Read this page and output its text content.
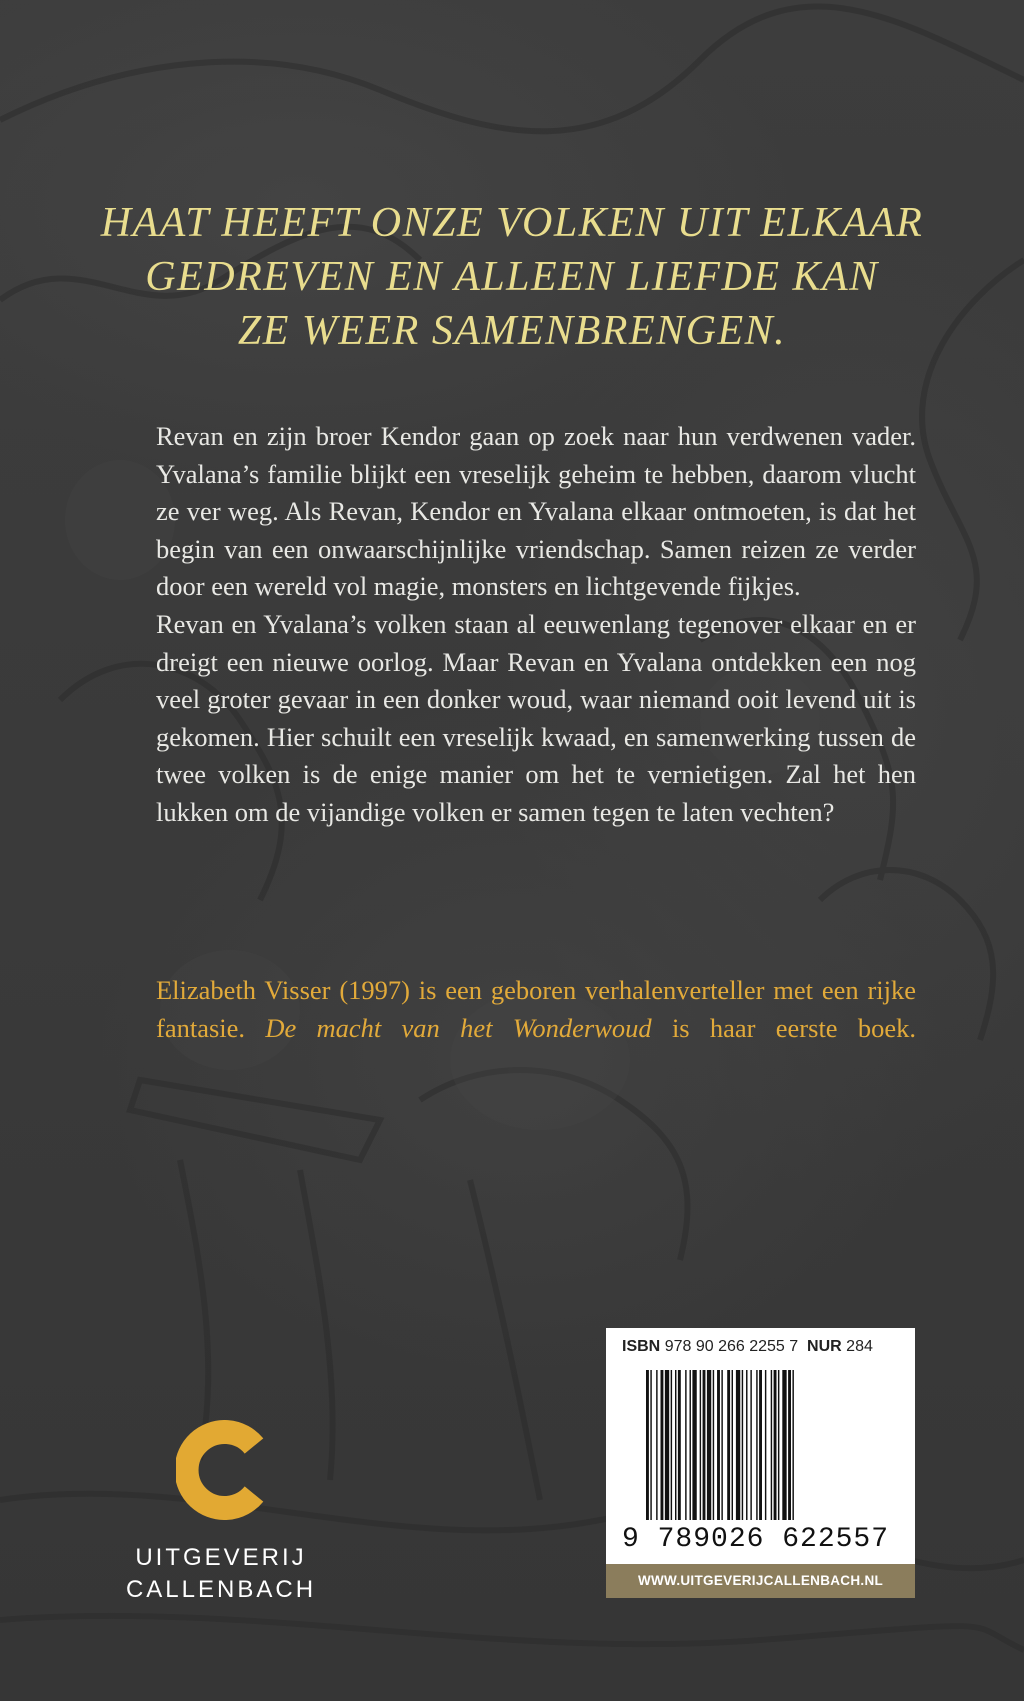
HAAT HEEFT ONZE VOLKEN UIT ELKAAR
GEDREVEN EN ALLEEN LIEFDE KAN
ZE WEER SAMENBRENGEN.

Revan en zijn broer Kendor gaan op zoek naar hun verdwenen vader. Yvalana’s familie blijkt een vreselijk geheim te hebben, daarom vlucht ze ver weg. Als Revan, Kendor en Yvalana elkaar ontmoeten, is dat het begin van een onwaarschijnlijke vriendschap. Samen reizen ze verder door een wereld vol magie, monsters en lichtgevende fijkjes.

Revan en Yvalana’s volken staan al eeuwenlang tegenover elkaar en er dreigt een nieuwe oorlog. Maar Revan en Yvalana ontdekken een nog veel groter gevaar in een donker woud, waar niemand ooit levend uit is gekomen. Hier schuilt een vreselijk kwaad, en samenwerking tussen de twee volken is de enige manier om het te vernietigen. Zal het hen lukken om de vijandige volken er samen tegen te laten vechten?

Elizabeth Visser (1997) is een geboren verhalenverteller met een rijke fantasie. De macht van het Wonderwoud is haar eerste boek.

UITGEVERIJ
CALLENBACH
ISBN 978 90 266 2255 7 NUR 284
9 789026 622557
WWW.UITGEVERIJCALLENBACH.NL
